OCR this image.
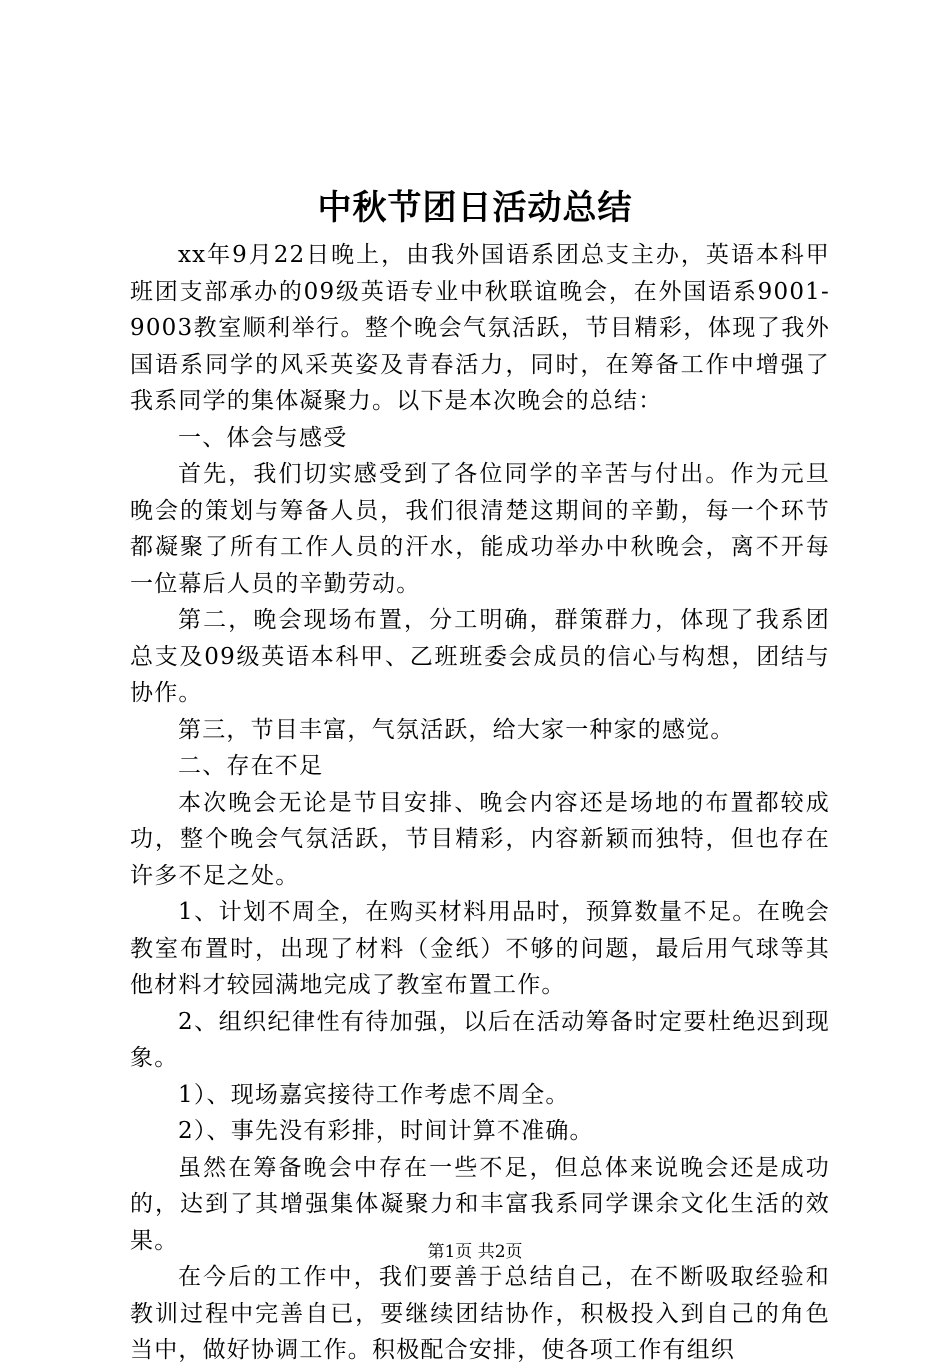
中秋节团日活动总结

xx年9月22日晚上，由我外国语系团总支主办，英语本科甲班团支部承办的09级英语专业中秋联谊晚会，在外国语系9001-9003教室顺利举行。整个晚会气氛活跃，节目精彩，体现了我外国语系同学的风采英姿及青春活力，同时，在筹备工作中增强了我系同学的集体凝聚力。以下是本次晚会的总结：

一、体会与感受

首先，我们切实感受到了各位同学的辛苦与付出。作为元旦晚会的策划与筹备人员，我们很清楚这期间的辛勤，每一个环节都凝聚了所有工作人员的汗水，能成功举办中秋晚会，离不开每一位幕后人员的辛勤劳动。

第二，晚会现场布置，分工明确，群策群力，体现了我系团总支及09级英语本科甲、乙班班委会成员的信心与构想，团结与协作。

第三，节目丰富，气氛活跃，给大家一种家的感觉。

二、存在不足

本次晚会无论是节目安排、晚会内容还是场地的布置都较成功，整个晚会气氛活跃，节目精彩，内容新颖而独特，但也存在许多不足之处。

1、计划不周全，在购买材料用品时，预算数量不足。在晚会教室布置时，出现了材料（金纸）不够的问题，最后用气球等其他材料才较园满地完成了教室布置工作。

2、组织纪律性有待加强，以后在活动筹备时定要杜绝迟到现象。

1）、现场嘉宾接待工作考虑不周全。

2）、事先没有彩排，时间计算不准确。

虽然在筹备晚会中存在一些不足，但总体来说晚会还是成功的，达到了其增强集体凝聚力和丰富我系同学课余文化生活的效果。

在今后的工作中，我们要善于总结自己，在不断吸取经验和教训过程中完善自已，要继续团结协作，积极投入到自己的角色当中，做好协调工作。积极配合安排，使各项工作有组织

第1页 共2页
